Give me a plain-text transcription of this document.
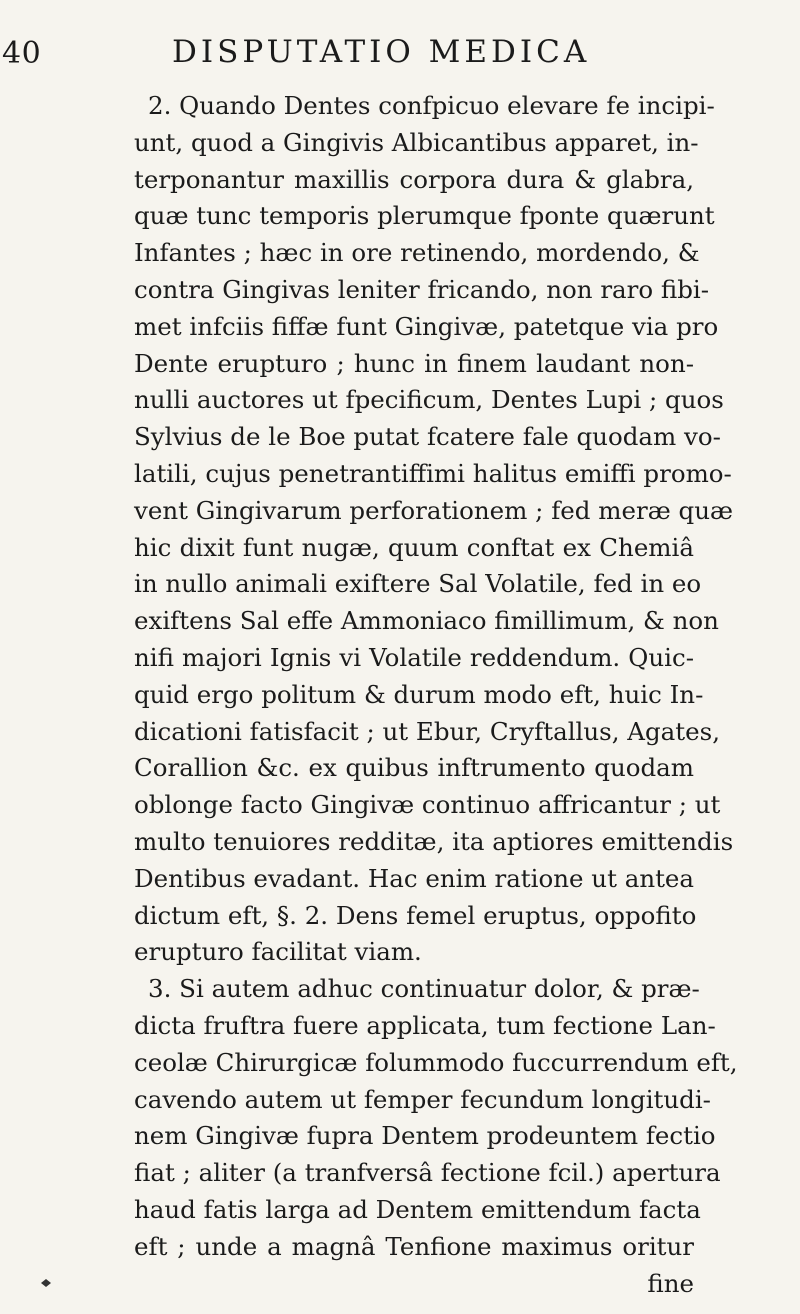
40	DISPUTATIO MEDICA
2. Quando Dentes confpicuo elevare fe incipi-
unt, quod a Gingivis Albicantibus apparet, in-
terponantur maxillis corpora dura & glabra,
quæ tunc temporis plerumque fponte quærunt
Infantes ; hæc in ore retinendo, mordendo, &
contra Gingivas leniter fricando, non raro fibi-
met infciis fiffæ funt Gingivæ, patetque via pro
Dente erupturo ; hunc in finem laudant non-
nulli auctores ut fpecificum, Dentes Lupi ; quos
Sylvius de le Boe putat fcatere fale quodam vo-
latili, cujus penetrantiffimi halitus emiffi promo-
vent Gingivarum perforationem ; fed meræ quæ
hic dixit funt nugæ, quum conftat ex Chemiâ
in nullo animali exiftere Sal Volatile, fed in eo
exiftens Sal effe Ammoniaco fimillimum, & non
nifi majori Ignis vi Volatile reddendum. Quic-
quid ergo politum & durum modo eft, huic In-
dicationi fatisfacit ; ut Ebur, Cryftallus, Agates,
Corallion &c. ex quibus inftrumento quodam
oblonge facto Gingivæ continuo affricantur ; ut
multo tenuiores redditæ, ita aptiores emittendis
Dentibus evadant. Hac enim ratione ut antea
dictum eft, §. 2. Dens femel eruptus, oppofito
erupturo facilitat viam.
3. Si autem adhuc continuatur dolor, & præ-
dicta fruftra fuere applicata, tum fectione Lan-
ceolæ Chirurgicæ folummodo fuccurrendum eft,
cavendo autem ut femper fecundum longitudi-
nem Gingivæ fupra Dentem prodeuntem fectio
fiat ; aliter (a tranfversâ fectione fcil.) apertura
haud fatis larga ad Dentem emittendum facta
eft ; unde a magnâ Tenfione maximus oritur
fine
